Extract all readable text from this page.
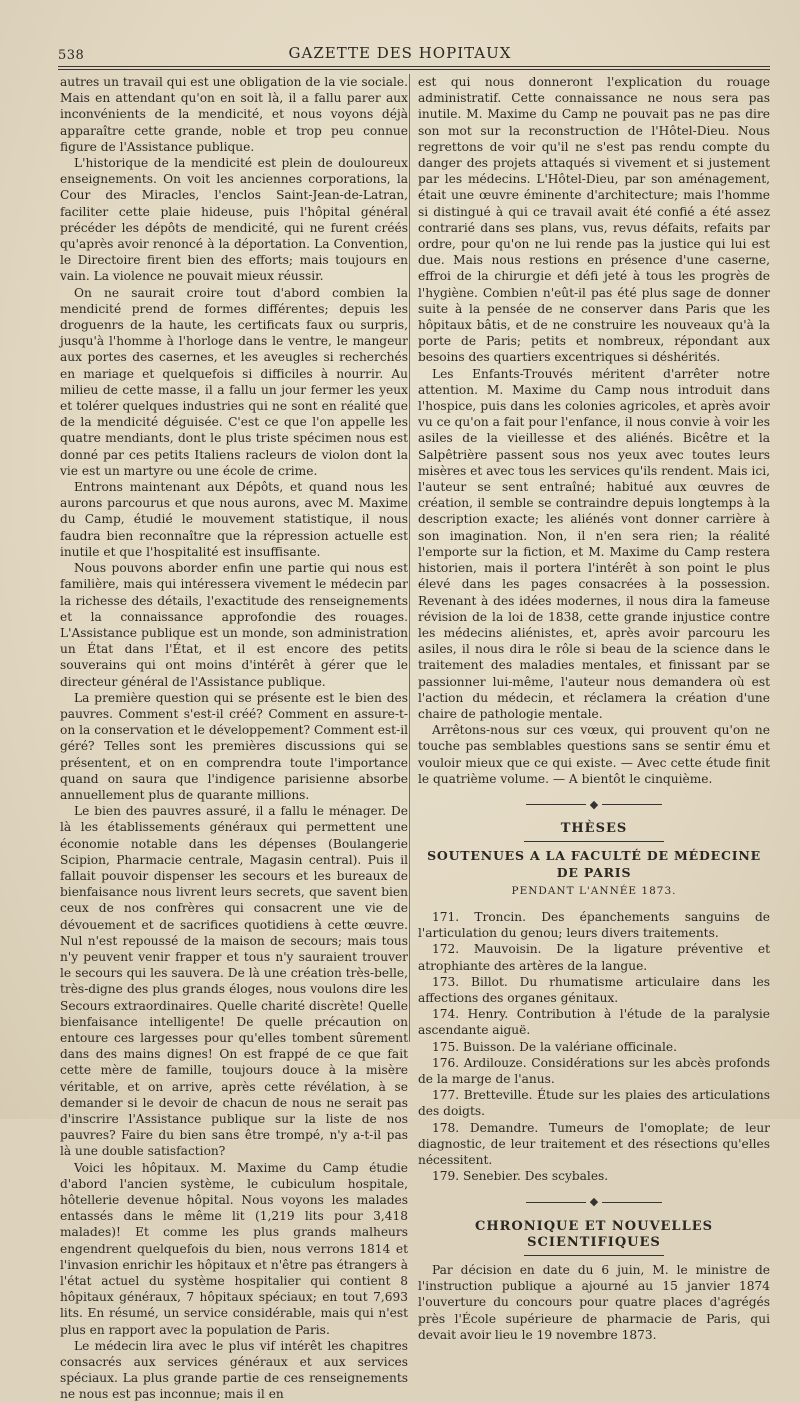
538	GAZETTE DES HOPITAUX

autres un travail qui est une obligation de la vie sociale. Mais en attendant qu'on en soit là, il a fallu parer aux inconvénients de la mendicité, et nous voyons déjà apparaître cette grande, noble et trop peu connue figure de l'Assistance publique.

L'historique de la mendicité est plein de douloureux enseignements. On voit les anciennes corporations, la Cour des Miracles, l'enclos Saint-Jean-de-Latran, faciliter cette plaie hideuse, puis l'hôpital général précéder les dépôts de mendicité, qui ne furent créés qu'après avoir renoncé à la déportation. La Convention, le Directoire firent bien des efforts; mais toujours en vain. La violence ne pouvait mieux réussir.

On ne saurait croire tout d'abord combien la mendicité prend de formes différentes; depuis les droguenrs de la haute, les certificats faux ou surpris, jusqu'à l'homme à l'horloge dans le ventre, le mangeur aux portes des casernes, et les aveugles si recherchés en mariage et quelquefois si difficiles à nourrir. Au milieu de cette masse, il a fallu un jour fermer les yeux et tolérer quelques industries qui ne sont en réalité que de la mendicité déguisée. C'est ce que l'on appelle les quatre mendiants, dont le plus triste spécimen nous est donné par ces petits Italiens racleurs de violon dont la vie est un martyre ou une école de crime.

Entrons maintenant aux Dépôts, et quand nous les aurons parcourus et que nous aurons, avec M. Maxime du Camp, étudié le mouvement statistique, il nous faudra bien reconnaître que la répression actuelle est inutile et que l'hospitalité est insuffisante.

Nous pouvons aborder enfin une partie qui nous est familière, mais qui intéressera vivement le médecin par la richesse des détails, l'exactitude des renseignements et la connaissance approfondie des rouages. L'Assistance publique est un monde, son administration un État dans l'État, et il est encore des petits souverains qui ont moins d'intérêt à gérer que le directeur général de l'Assistance publique.

La première question qui se présente est le bien des pauvres. Comment s'est-il créé? Comment en assure-t-on la conservation et le développement? Comment est-il géré? Telles sont les premières discussions qui se présentent, et on en comprendra toute l'importance quand on saura que l'indigence parisienne absorbe annuellement plus de quarante millions.

Le bien des pauvres assuré, il a fallu le ménager. De là les établissements généraux qui permettent une économie notable dans les dépenses (Boulangerie Scipion, Pharmacie centrale, Magasin central). Puis il fallait pouvoir dispenser les secours et les bureaux de bienfaisance nous livrent leurs secrets, que savent bien ceux de nos confrères qui consacrent une vie de dévouement et de sacrifices quotidiens à cette œuvre. Nul n'est repoussé de la maison de secours; mais tous n'y peuvent venir frapper et tous n'y sauraient trouver le secours qui les sauvera. De là une création très-belle, très-digne des plus grands éloges, nous voulons dire les Secours extraordinaires. Quelle charité discrète! Quelle bienfaisance intelligente! De quelle précaution on entoure ces largesses pour qu'elles tombent sûrement dans des mains dignes! On est frappé de ce que fait cette mère de famille, toujours douce à la misère véritable, et on arrive, après cette révélation, à se demander si le devoir de chacun de nous ne serait pas d'inscrire l'Assistance publique sur la liste de nos pauvres? Faire du bien sans être trompé, n'y a-t-il pas là une double satisfaction?

Voici les hôpitaux. M. Maxime du Camp étudie d'abord l'ancien système, le cubiculum hospitale, hôtellerie devenue hôpital. Nous voyons les malades entassés dans le même lit (1,219 lits pour 3,418 malades)! Et comme les plus grands malheurs engendrent quelquefois du bien, nous verrons 1814 et l'invasion enrichir les hôpitaux et n'être pas étrangers à l'état actuel du système hospitalier qui contient 8 hôpitaux généraux, 7 hôpitaux spéciaux; en tout 7,693 lits. En résumé, un service considérable, mais qui n'est plus en rapport avec la population de Paris.

Le médecin lira avec le plus vif intérêt les chapitres consacrés aux services généraux et aux services spéciaux. La plus grande partie de ces renseignements ne nous est pas inconnue; mais il en

est qui nous donneront l'explication du rouage administratif. Cette connaissance ne nous sera pas inutile. M. Maxime du Camp ne pouvait pas ne pas dire son mot sur la reconstruction de l'Hôtel-Dieu. Nous regrettons de voir qu'il ne s'est pas rendu compte du danger des projets attaqués si vivement et si justement par les médecins. L'Hôtel-Dieu, par son aménagement, était une œuvre éminente d'architecture; mais l'homme si distingué à qui ce travail avait été confié a été assez contrarié dans ses plans, vus, revus défaits, refaits par ordre, pour qu'on ne lui rende pas la justice qui lui est due. Mais nous restions en présence d'une caserne, effroi de la chirurgie et défi jeté à tous les progrès de l'hygiène. Combien n'eût-il pas été plus sage de donner suite à la pensée de ne conserver dans Paris que les hôpitaux bâtis, et de ne construire les nouveaux qu'à la porte de Paris; petits et nombreux, répondant aux besoins des quartiers excentriques si déshérités.

Les Enfants-Trouvés méritent d'arrêter notre attention. M. Maxime du Camp nous introduit dans l'hospice, puis dans les colonies agricoles, et après avoir vu ce qu'on a fait pour l'enfance, il nous convie à voir les asiles de la vieillesse et des aliénés. Bicêtre et la Salpêtrière passent sous nos yeux avec toutes leurs misères et avec tous les services qu'ils rendent. Mais ici, l'auteur se sent entraîné; habitué aux œuvres de création, il semble se contraindre depuis longtemps à la description exacte; les aliénés vont donner carrière à son imagination. Non, il n'en sera rien; la réalité l'emporte sur la fiction, et M. Maxime du Camp restera historien, mais il portera l'intérêt à son point le plus élevé dans les pages consacrées à la possession. Revenant à des idées modernes, il nous dira la fameuse révision de la loi de 1838, cette grande injustice contre les médecins aliénistes, et, après avoir parcouru les asiles, il nous dira le rôle si beau de la science dans le traitement des maladies mentales, et finissant par se passionner lui-même, l'auteur nous demandera où est l'action du médecin, et réclamera la création d'une chaire de pathologie mentale.

Arrêtons-nous sur ces vœux, qui prouvent qu'on ne touche pas semblables questions sans se sentir ému et vouloir mieux que ce qui existe. — Avec cette étude finit le quatrième volume. — A bientôt le cinquième.

◆
THÈSES
SOUTENUES A LA FACULTÉ DE MÉDECINE DE PARIS
PENDANT L'ANNÉE 1873.

171. Troncin. Des épanchements sanguins de l'articulation du genou; leurs divers traitements.

172. Mauvoisin. De la ligature préventive et atrophiante des artères de la langue.

173. Billot. Du rhumatisme articulaire dans les affections des organes génitaux.

174. Henry. Contribution à l'étude de la paralysie ascendante aiguë.

175. Buisson. De la valériane officinale.

176. Ardilouze. Considérations sur les abcès profonds de la marge de l'anus.

177. Bretteville. Étude sur les plaies des articulations des doigts.

178. Demandre. Tumeurs de l'omoplate; de leur diagnostic, de leur traitement et des résections qu'elles nécessitent.

179. Senebier. Des scybales.

◆
CHRONIQUE ET NOUVELLES SCIENTIFIQUES

Par décision en date du 6 juin, M. le ministre de l'instruction publique a ajourné au 15 janvier 1874 l'ouverture du concours pour quatre places d'agrégés près l'École supérieure de pharmacie de Paris, qui devait avoir lieu le 19 novembre 1873.
